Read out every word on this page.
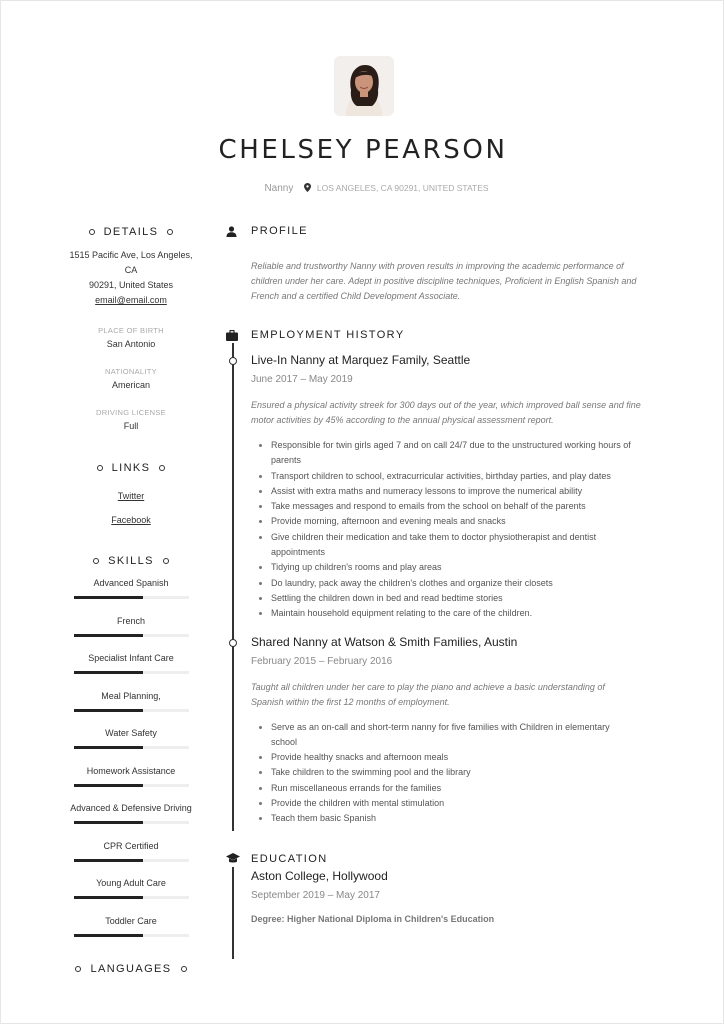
CHELSEY PEARSON
Nanny	LOS ANGELES, CA 90291, UNITED STATES
DETAILS
1515 Pacific Ave, Los Angeles, CA
90291, United States
email@email.com
PLACE OF BIRTH
San Antonio
NATIONALITY
American
DRIVING LICENSE
Full
LINKS
Twitter
Facebook
SKILLS
Advanced Spanish
French
Specialist Infant Care
Meal Planning,
Water Safety
Homework Assistance
Advanced & Defensive Driving
CPR Certified
Young Adult Care
Toddler Care
LANGUAGES
PROFILE
Reliable and trustworthy Nanny with proven results in improving the academic performance of
children under her care. Adept in positive discipline techniques, Proficient in English Spanish and
French and a certified Child Development Associate.
EMPLOYMENT HISTORY
Live-In Nanny at Marquez Family, Seattle
June 2017 – May 2019
Ensured a physical activity streek for 300 days out of the year, which improved ball sense and fine
motor activities by 45% according to the annual physical assessment report.
Responsible for twin girls aged 7 and on call 24/7 due to the unstructured working hours of
parents
Transport children to school, extracurricular activities, birthday parties, and play dates
Assist with extra maths and numeracy lessons to improve the numerical ability
Take messages and respond to emails from the school on behalf of the parents
Provide morning, afternoon and evening meals and snacks
Give children their medication and take them to doctor physiotherapist and dentist
appointments
Tidying up children's rooms and play areas
Do laundry, pack away the children's clothes and organize their closets
Settling the children down in bed and read bedtime stories
Maintain household equipment relating to the care of the children.
Shared Nanny at Watson & Smith Families, Austin
February 2015 – February 2016
Taught all children under her care to play the piano and achieve a basic understanding of
Spanish within the first 12 months of employment.
Serve as an on-call and short-term nanny for five families with Children in elementary
school
Provide healthy snacks and afternoon meals
Take children to the swimming pool and the library
Run miscellaneous errands for the families
Provide the children with mental stimulation
Teach them basic Spanish
EDUCATION
Aston College, Hollywood
September 2019 – May 2017
Degree: Higher National Diploma in Children's Education
